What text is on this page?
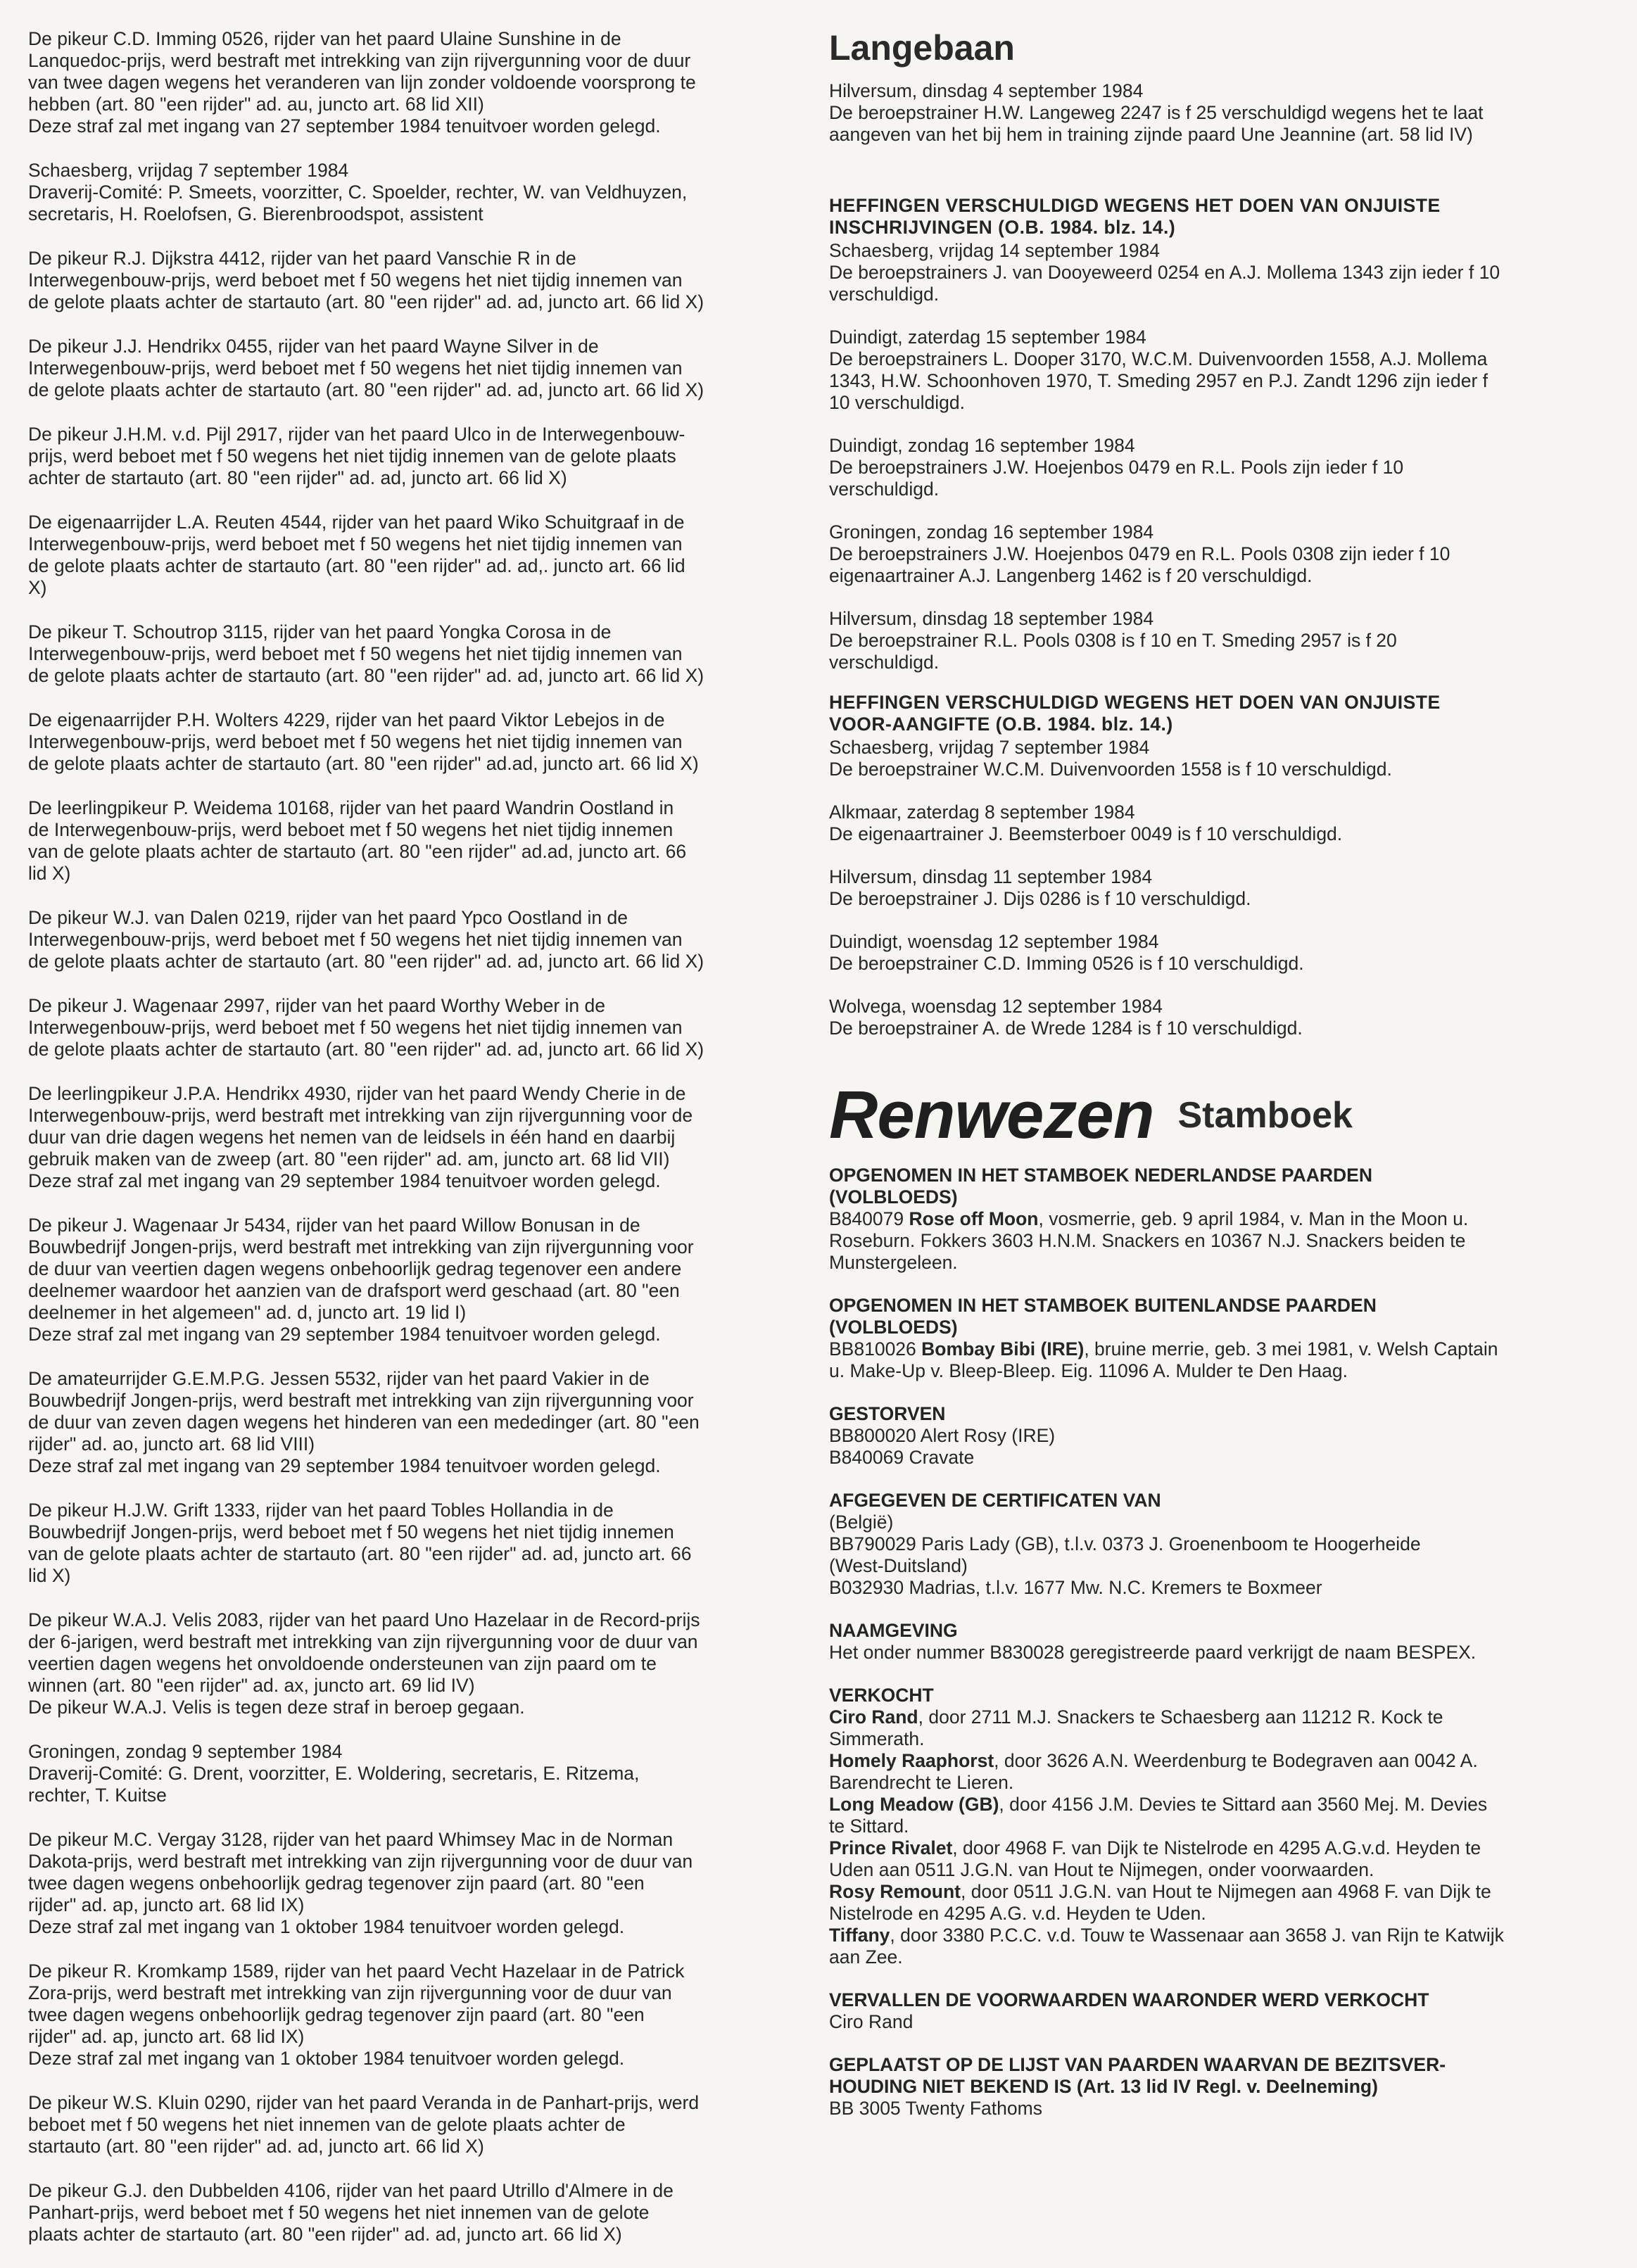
De pikeur C.D. Imming 0526, rijder van het paard Ulaine Sunshine in de
Lanquedoc-prijs, werd bestraft met intrekking van zijn rijvergunning voor de duur
van twee dagen wegens het veranderen van lijn zonder voldoende voorsprong te
hebben (art. 80 "een rijder" ad. au, juncto art. 68 lid XII)
Deze straf zal met ingang van 27 september 1984 tenuitvoer worden gelegd.
Schaesberg, vrijdag 7 september 1984
Draverij-Comité: P. Smeets, voorzitter, C. Spoelder, rechter, W. van Veldhuyzen,
secretaris, H. Roelofsen, G. Bierenbroodspot, assistent
De pikeur R.J. Dijkstra 4412, rijder van het paard Vanschie R in de
Interwegenbouw-prijs, werd beboet met f 50 wegens het niet tijdig innemen van
de gelote plaats achter de startauto (art. 80 "een rijder" ad. ad, juncto art. 66 lid X)
De pikeur J.J. Hendrikx 0455, rijder van het paard Wayne Silver in de
Interwegenbouw-prijs, werd beboet met f 50 wegens het niet tijdig innemen van
de gelote plaats achter de startauto (art. 80 "een rijder" ad. ad, juncto art. 66 lid X)
De pikeur J.H.M. v.d. Pijl 2917, rijder van het paard Ulco in de Interwegenbouw-
prijs, werd beboet met f 50 wegens het niet tijdig innemen van de gelote plaats
achter de startauto (art. 80 "een rijder" ad. ad, juncto art. 66 lid X)
De eigenaarrijder L.A. Reuten 4544, rijder van het paard Wiko Schuitgraaf in de
Interwegenbouw-prijs, werd beboet met f 50 wegens het niet tijdig innemen van
de gelote plaats achter de startauto (art. 80 "een rijder" ad. ad,. juncto art. 66 lid
X)
De pikeur T. Schoutrop 3115, rijder van het paard Yongka Corosa in de
Interwegenbouw-prijs, werd beboet met f 50 wegens het niet tijdig innemen van
de gelote plaats achter de startauto (art. 80 "een rijder" ad. ad, juncto art. 66 lid X)
De eigenaarrijder P.H. Wolters 4229, rijder van het paard Viktor Lebejos in de
Interwegenbouw-prijs, werd beboet met f 50 wegens het niet tijdig innemen van
de gelote plaats achter de startauto (art. 80 "een rijder" ad.ad, juncto art. 66 lid X)
De leerlingpikeur P. Weidema 10168, rijder van het paard Wandrin Oostland in
de Interwegenbouw-prijs, werd beboet met f 50 wegens het niet tijdig innemen
van de gelote plaats achter de startauto (art. 80 "een rijder" ad.ad, juncto art. 66
lid X)
De pikeur W.J. van Dalen 0219, rijder van het paard Ypco Oostland in de
Interwegenbouw-prijs, werd beboet met f 50 wegens het niet tijdig innemen van
de gelote plaats achter de startauto (art. 80 "een rijder" ad. ad, juncto art. 66 lid X)
De pikeur J. Wagenaar 2997, rijder van het paard Worthy Weber in de
Interwegenbouw-prijs, werd beboet met f 50 wegens het niet tijdig innemen van
de gelote plaats achter de startauto (art. 80 "een rijder" ad. ad, juncto art. 66 lid X)
De leerlingpikeur J.P.A. Hendrikx 4930, rijder van het paard Wendy Cherie in de
Interwegenbouw-prijs, werd bestraft met intrekking van zijn rijvergunning voor de
duur van drie dagen wegens het nemen van de leidsels in één hand en daarbij
gebruik maken van de zweep (art. 80 "een rijder" ad. am, juncto art. 68 lid VII)
Deze straf zal met ingang van 29 september 1984 tenuitvoer worden gelegd.
De pikeur J. Wagenaar Jr 5434, rijder van het paard Willow Bonusan in de
Bouwbedrijf Jongen-prijs, werd bestraft met intrekking van zijn rijvergunning voor
de duur van veertien dagen wegens onbehoorlijk gedrag tegenover een andere
deelnemer waardoor het aanzien van de drafsport werd geschaad (art. 80 "een
deelnemer in het algemeen" ad. d, juncto art. 19 lid I)
Deze straf zal met ingang van 29 september 1984 tenuitvoer worden gelegd.
De amateurrijder G.E.M.P.G. Jessen 5532, rijder van het paard Vakier in de
Bouwbedrijf Jongen-prijs, werd bestraft met intrekking van zijn rijvergunning voor
de duur van zeven dagen wegens het hinderen van een mededinger (art. 80 "een
rijder" ad. ao, juncto art. 68 lid VIII)
Deze straf zal met ingang van 29 september 1984 tenuitvoer worden gelegd.
De pikeur H.J.W. Grift 1333, rijder van het paard Tobles Hollandia in de
Bouwbedrijf Jongen-prijs, werd beboet met f 50 wegens het niet tijdig innemen
van de gelote plaats achter de startauto (art. 80 "een rijder" ad. ad, juncto art. 66
lid X)
De pikeur W.A.J. Velis 2083, rijder van het paard Uno Hazelaar in de Record-prijs
der 6-jarigen, werd bestraft met intrekking van zijn rijvergunning voor de duur van
veertien dagen wegens het onvoldoende ondersteunen van zijn paard om te
winnen (art. 80 "een rijder" ad. ax, juncto art. 69 lid IV)
De pikeur W.A.J. Velis is tegen deze straf in beroep gegaan.
Groningen, zondag 9 september 1984
Draverij-Comité: G. Drent, voorzitter, E. Woldering, secretaris, E. Ritzema,
rechter, T. Kuitse
De pikeur M.C. Vergay 3128, rijder van het paard Whimsey Mac in de Norman
Dakota-prijs, werd bestraft met intrekking van zijn rijvergunning voor de duur van
twee dagen wegens onbehoorlijk gedrag tegenover zijn paard (art. 80 "een
rijder" ad. ap, juncto art. 68 lid IX)
Deze straf zal met ingang van 1 oktober 1984 tenuitvoer worden gelegd.
De pikeur R. Kromkamp 1589, rijder van het paard Vecht Hazelaar in de Patrick
Zora-prijs, werd bestraft met intrekking van zijn rijvergunning voor de duur van
twee dagen wegens onbehoorlijk gedrag tegenover zijn paard (art. 80 "een
rijder" ad. ap, juncto art. 68 lid IX)
Deze straf zal met ingang van 1 oktober 1984 tenuitvoer worden gelegd.
De pikeur W.S. Kluin 0290, rijder van het paard Veranda in de Panhart-prijs, werd
beboet met f 50 wegens het niet innemen van de gelote plaats achter de
startauto (art. 80 "een rijder" ad. ad, juncto art. 66 lid X)
De pikeur G.J. den Dubbelden 4106, rijder van het paard Utrillo d'Almere in de
Panhart-prijs, werd beboet met f 50 wegens het niet innemen van de gelote
plaats achter de startauto (art. 80 "een rijder" ad. ad, juncto art. 66 lid X)
Langebaan
Hilversum, dinsdag 4 september 1984
De beroepstrainer H.W. Langeweg 2247 is f 25 verschuldigd wegens het te laat
aangeven van het bij hem in training zijnde paard Une Jeannine (art. 58 lid IV)
HEFFINGEN VERSCHULDIGD WEGENS HET DOEN VAN ONJUISTE
INSCHRIJVINGEN (O.B. 1984. blz. 14.)
Schaesberg, vrijdag 14 september 1984
De beroepstrainers J. van Dooyeweerd 0254 en A.J. Mollema 1343 zijn ieder f 10
verschuldigd.
Duindigt, zaterdag 15 september 1984
De beroepstrainers L. Dooper 3170, W.C.M. Duivenvoorden 1558, A.J. Mollema
1343, H.W. Schoonhoven 1970, T. Smeding 2957 en P.J. Zandt 1296 zijn ieder f
10 verschuldigd.
Duindigt, zondag 16 september 1984
De beroepstrainers J.W. Hoejenbos 0479 en R.L. Pools zijn ieder f 10
verschuldigd.
Groningen, zondag 16 september 1984
De beroepstrainers J.W. Hoejenbos 0479 en R.L. Pools 0308 zijn ieder f 10
eigenaartrainer A.J. Langenberg 1462 is f 20 verschuldigd.
Hilversum, dinsdag 18 september 1984
De beroepstrainer R.L. Pools 0308 is f 10 en T. Smeding 2957 is f 20
verschuldigd.
HEFFINGEN VERSCHULDIGD WEGENS HET DOEN VAN ONJUISTE
VOOR-AANGIFTE (O.B. 1984. blz. 14.)
Schaesberg, vrijdag 7 september 1984
De beroepstrainer W.C.M. Duivenvoorden 1558 is f 10 verschuldigd.
Alkmaar, zaterdag 8 september 1984
De eigenaartrainer J. Beemsterboer 0049 is f 10 verschuldigd.
Hilversum, dinsdag 11 september 1984
De beroepstrainer J. Dijs 0286 is f 10 verschuldigd.
Duindigt, woensdag 12 september 1984
De beroepstrainer C.D. Imming 0526 is f 10 verschuldigd.
Wolvega, woensdag 12 september 1984
De beroepstrainer A. de Wrede 1284 is f 10 verschuldigd.
Renwezen Stamboek
OPGENOMEN IN HET STAMBOEK NEDERLANDSE PAARDEN
(VOLBLOEDS)
B840079 Rose off Moon, vosmerrie, geb. 9 april 1984, v. Man in the Moon u.
Roseburn. Fokkers 3603 H.N.M. Snackers en 10367 N.J. Snackers beiden te
Munstergeleen.
OPGENOMEN IN HET STAMBOEK BUITENLANDSE PAARDEN
(VOLBLOEDS)
BB810026 Bombay Bibi (IRE), bruine merrie, geb. 3 mei 1981, v. Welsh Captain
u. Make-Up v. Bleep-Bleep. Eig. 11096 A. Mulder te Den Haag.
GESTORVEN
BB800020 Alert Rosy (IRE)
B840069 Cravate
AFGEGEVEN DE CERTIFICATEN VAN
(België)
BB790029 Paris Lady (GB), t.l.v. 0373 J. Groenenboom te Hoogerheide
(West-Duitsland)
B032930 Madrias, t.l.v. 1677 Mw. N.C. Kremers te Boxmeer
NAAMGEVING
Het onder nummer B830028 geregistreerde paard verkrijgt de naam BESPEX.
VERKOCHT
Ciro Rand, door 2711 M.J. Snackers te Schaesberg aan 11212 R. Kock te
Simmerath.
Homely Raaphorst, door 3626 A.N. Weerdenburg te Bodegraven aan 0042 A.
Barendrecht te Lieren.
Long Meadow (GB), door 4156 J.M. Devies te Sittard aan 3560 Mej. M. Devies
te Sittard.
Prince Rivalet, door 4968 F. van Dijk te Nistelrode en 4295 A.G.v.d. Heyden te
Uden aan 0511 J.G.N. van Hout te Nijmegen, onder voorwaarden.
Rosy Remount, door 0511 J.G.N. van Hout te Nijmegen aan 4968 F. van Dijk te
Nistelrode en 4295 A.G. v.d. Heyden te Uden.
Tiffany, door 3380 P.C.C. v.d. Touw te Wassenaar aan 3658 J. van Rijn te Katwijk
aan Zee.
VERVALLEN DE VOORWAARDEN WAARONDER WERD VERKOCHT
Ciro Rand
GEPLAATST OP DE LIJST VAN PAARDEN WAARVAN DE BEZITSVER-
HOUDING NIET BEKEND IS (Art. 13 lid IV Regl. v. Deelneming)
BB 3005 Twenty Fathoms
